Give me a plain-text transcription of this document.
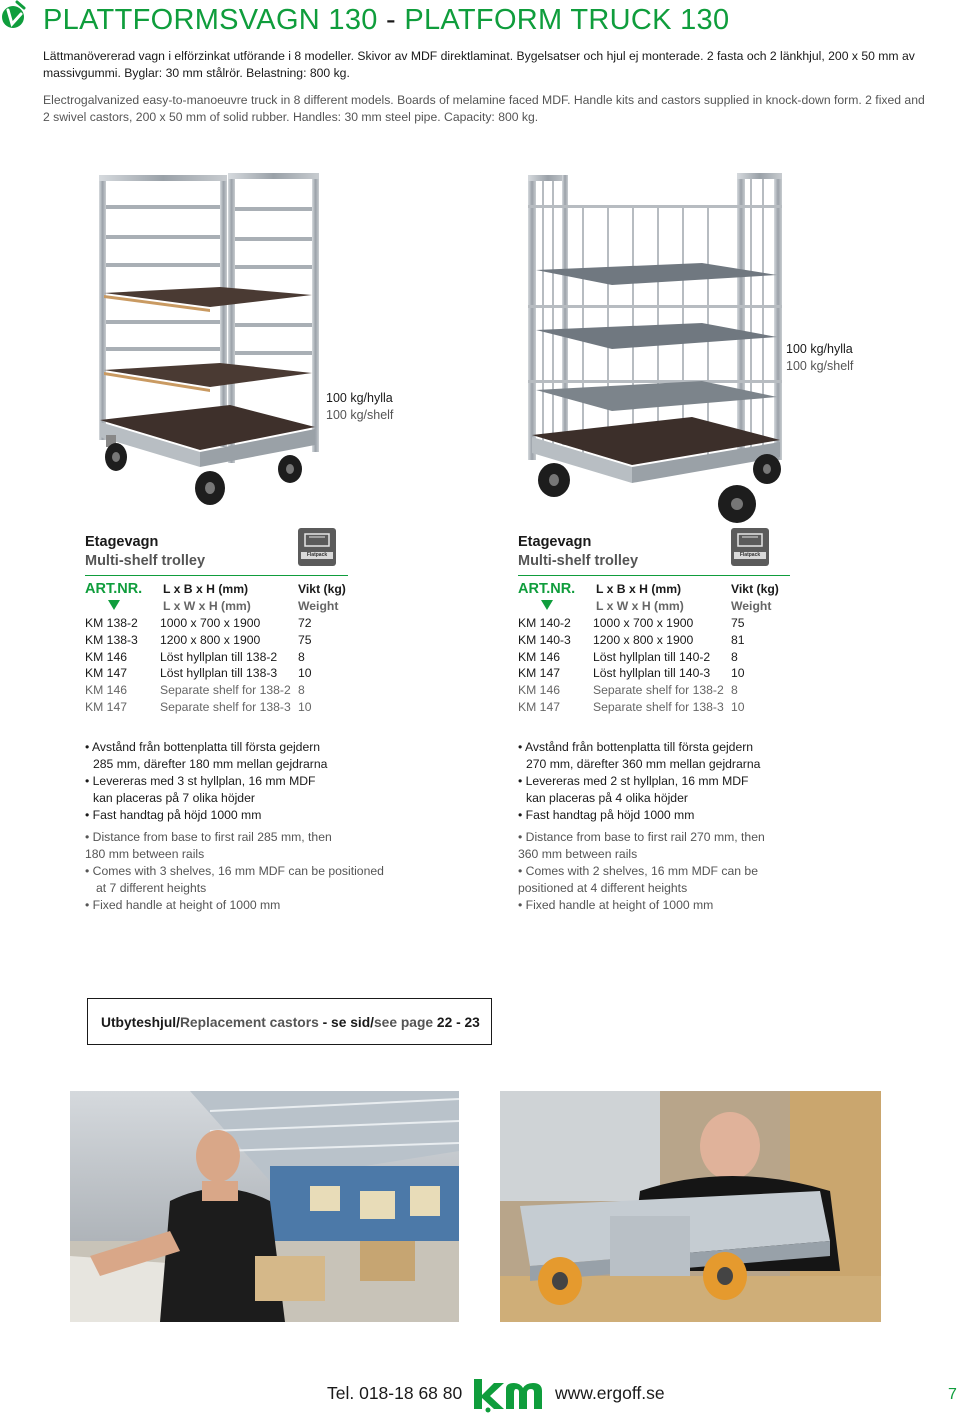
PLATTFORMSVAGN 130 - PLATFORM TRUCK 130

Lättmanövererad vagn i elförzinkat utförande i 8 modeller. Skivor av MDF direktlaminat. Bygelsatser och hjul ej monterade. 2 fasta och 2 länkhjul, 200 x 50 mm av massivgummi. Byglar: 30 mm stålrör. Belastning: 800 kg.

Electrogalvanized easy-to-manoeuvre truck in 8 different models. Boards of melamine faced MDF. Handle kits and castors supplied in knock-down form. 2 fixed and 2 swivel castors, 200 x 50 mm of solid rubber. Handles: 30 mm steel pipe. Capacity: 800 kg.

100 kg/hylla
100 kg/shelf
100 kg/hylla
100 kg/shelf
Etagevagn
Multi-shelf trolley	Flatpack
ART.NR.	L x B x H (mm)	Vikt (kg)
	L x W x H (mm)	Weight
KM 138-2	1000 x 700 x 1900	72
KM 138-3	1200 x 800 x 1900	75
KM 146	Löst hyllplan till 138-2	8
KM 147	Löst hyllplan till 138-3	10
KM 146	Separate shelf for 138-2	8
KM 147	Separate shelf for 138-3	10
• Avstånd från bottenplatta till första gejdern
285 mm, därefter 180 mm mellan gejdrarna
• Levereras med 3 st hyllplan, 16 mm MDF
kan placeras på 7 olika höjder
• Fast handtag på höjd 1000 mm
• Distance from base to first rail 285 mm, then
180 mm between rails
• Comes with 3 shelves, 16 mm MDF can be positioned
at 7 different heights
• Fixed handle at height of 1000 mm
Etagevagn
Multi-shelf trolley	Flatpack
ART.NR.	L x B x H (mm)	Vikt (kg)
	L x W x H (mm)	Weight
KM 140-2	1000 x 700 x 1900	75
KM 140-3	1200 x 800 x 1900	81
KM 146	Löst hyllplan till 140-2	8
KM 147	Löst hyllplan till 140-3	10
KM 146	Separate shelf for 138-2	8
KM 147	Separate shelf for 138-3	10
• Avstånd från bottenplatta till första gejdern
270 mm, därefter 360 mm mellan gejdrarna
• Levereras med 2 st hyllplan, 16 mm MDF
kan placeras på 4 olika höjder
• Fast handtag på höjd 1000 mm
• Distance from base to first rail 270 mm, then
360 mm between rails
• Comes with 2 shelves, 16 mm MDF can be
positioned at 4 different heights
• Fixed handle at height of 1000 mm
Utbyteshjul/Replacement castors - se sid/see page 22 - 23
Tel. 018-18 68 80	www.ergoff.se	7
